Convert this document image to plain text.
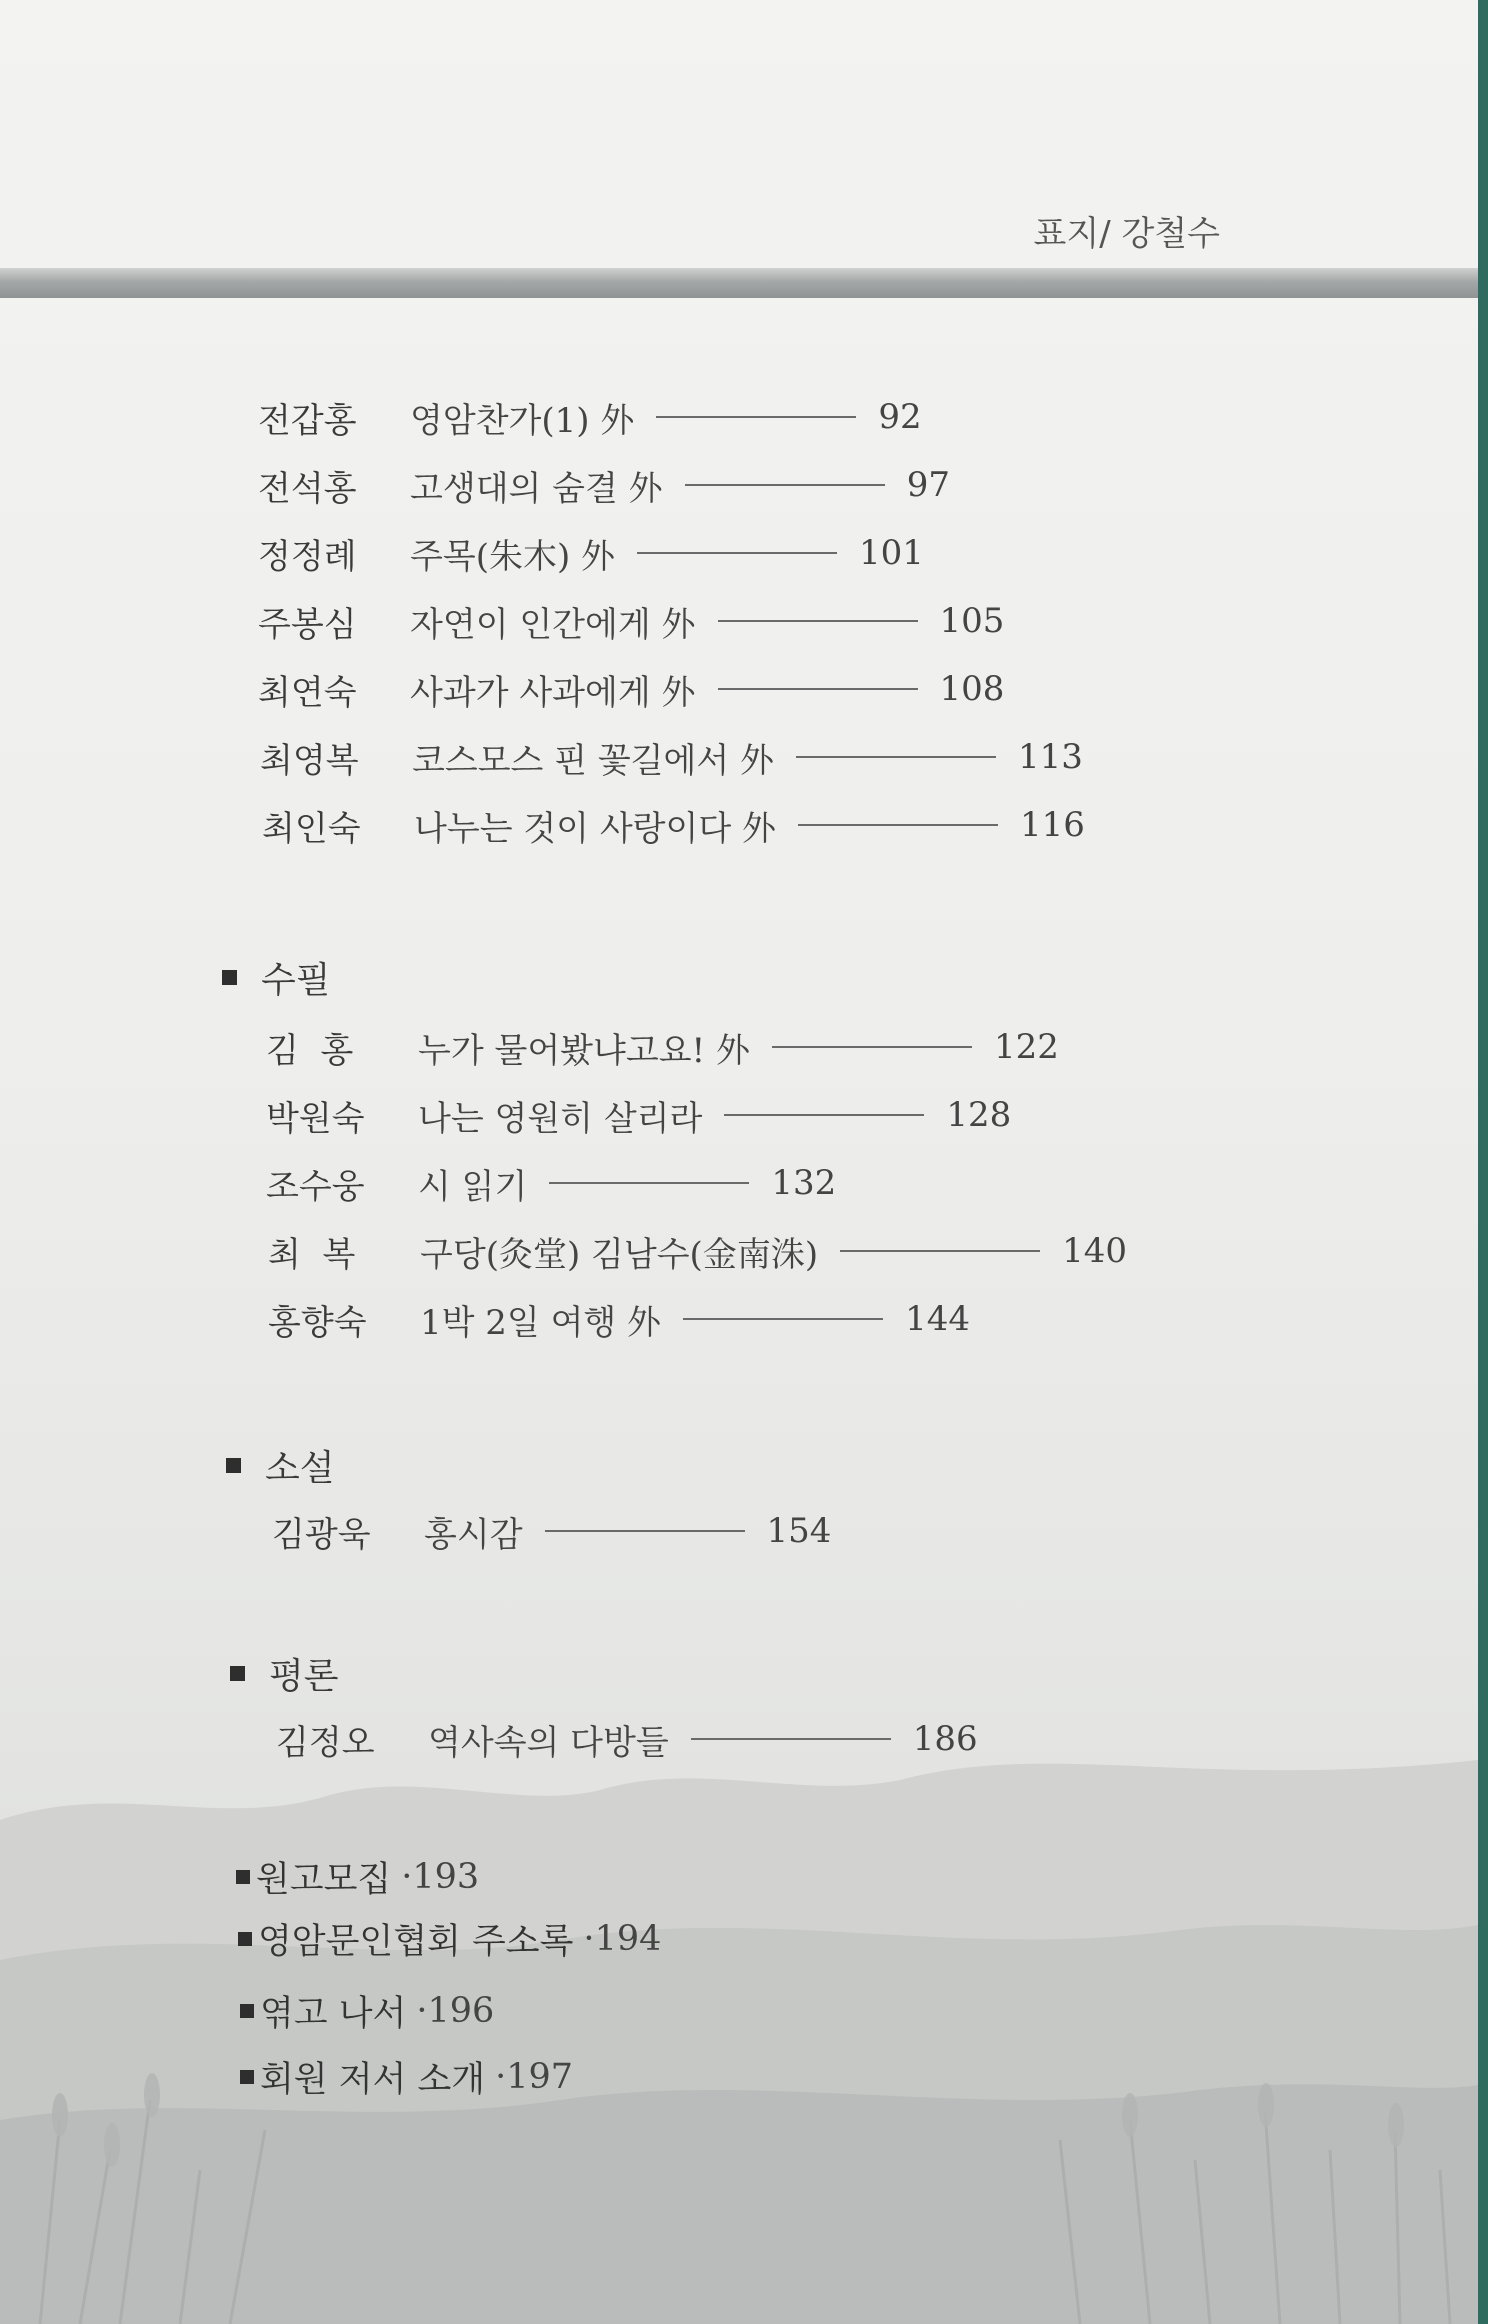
표지/ 강철수
전갑홍	영암찬가(1) 外	92
전석홍	고생대의 숨결 外	97
정정례	주목(朱木) 外	101
주봉심	자연이 인간에게 外	105
최연숙	사과가 사과에게 外	108
최영복	코스모스 핀 꽃길에서 外	113
최인숙	나누는 것이 사랑이다 外	116
수필
김  홍	누가 물어봤냐고요! 外	122
박원숙	나는 영원히 살리라	128
조수웅	시 읽기	132
최  복	구당(灸堂) 김남수(金南洙)	140
홍향숙	1박 2일 여행 外	144
소설
김광욱	홍시감	154
평론
김정오	역사속의 다방들	186
원고모집 · 193
영암문인협회 주소록 · 194
엮고 나서 · 196
회원 저서 소개 · 197
